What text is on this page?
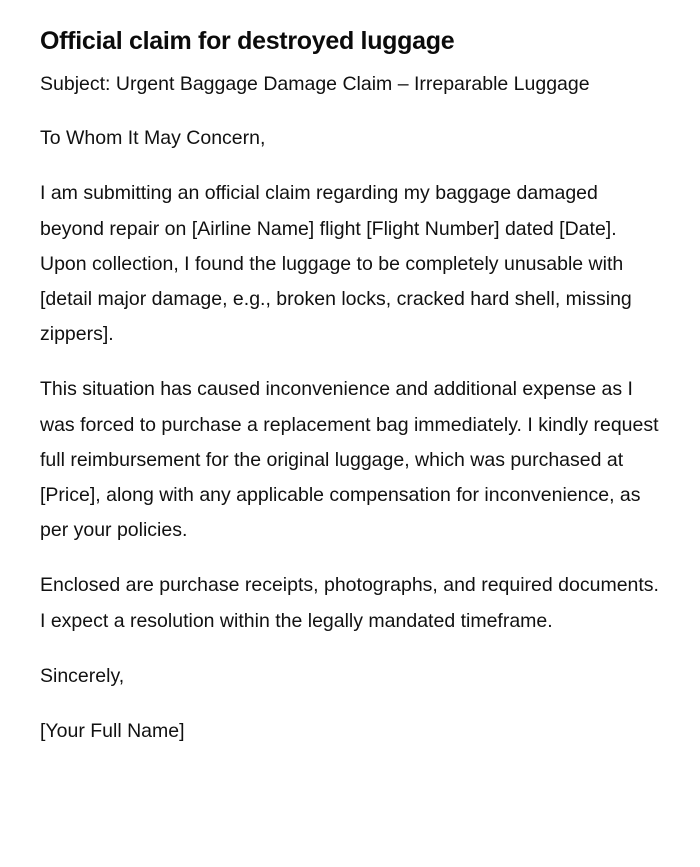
Official claim for destroyed luggage

Subject: Urgent Baggage Damage Claim – Irreparable Luggage

To Whom It May Concern,

I am submitting an official claim regarding my baggage damaged beyond repair on [Airline Name] flight [Flight Number] dated [Date]. Upon collection, I found the luggage to be completely unusable with [detail major damage, e.g., broken locks, cracked hard shell, missing zippers].

This situation has caused inconvenience and additional expense as I was forced to purchase a replacement bag immediately. I kindly request full reimbursement for the original luggage, which was purchased at [Price], along with any applicable compensation for inconvenience, as per your policies.

Enclosed are purchase receipts, photographs, and required documents. I expect a resolution within the legally mandated timeframe.

Sincerely,

[Your Full Name]
